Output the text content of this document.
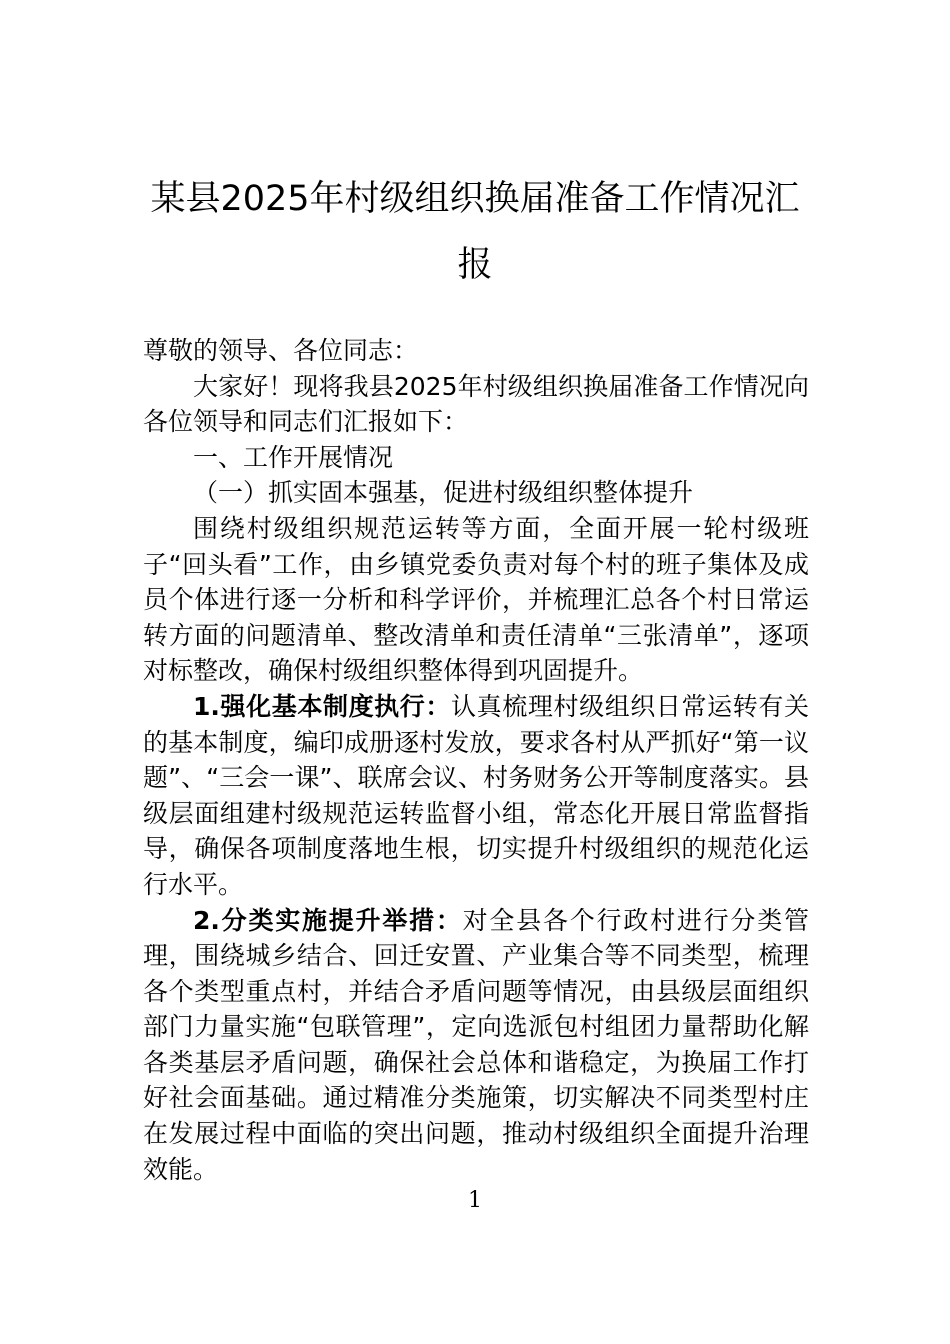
某县2025年村级组织换届准备工作情况汇报

尊敬的领导、各位同志：

大家好！现将我县2025年村级组织换届准备工作情况向各位领导和同志们汇报如下：

一、工作开展情况

（一）抓实固本强基，促进村级组织整体提升

围绕村级组织规范运转等方面，全面开展一轮村级班子“回头看”工作，由乡镇党委负责对每个村的班子集体及成员个体进行逐一分析和科学评价，并梳理汇总各个村日常运转方面的问题清单、整改清单和责任清单“三张清单”，逐项对标整改，确保村级组织整体得到巩固提升。

1.强化基本制度执行：认真梳理村级组织日常运转有关的基本制度，编印成册逐村发放，要求各村从严抓好“第一议题”、“三会一课”、联席会议、村务财务公开等制度落实。县级层面组建村级规范运转监督小组，常态化开展日常监督指导，确保各项制度落地生根，切实提升村级组织的规范化运行水平。

2.分类实施提升举措：对全县各个行政村进行分类管理，围绕城乡结合、回迁安置、产业集合等不同类型，梳理各个类型重点村，并结合矛盾问题等情况，由县级层面组织部门力量实施“包联管理”，定向选派包村组团力量帮助化解各类基层矛盾问题，确保社会总体和谐稳定，为换届工作打好社会面基础。通过精准分类施策，切实解决不同类型村庄在发展过程中面临的突出问题，推动村级组织全面提升治理效能。

1
